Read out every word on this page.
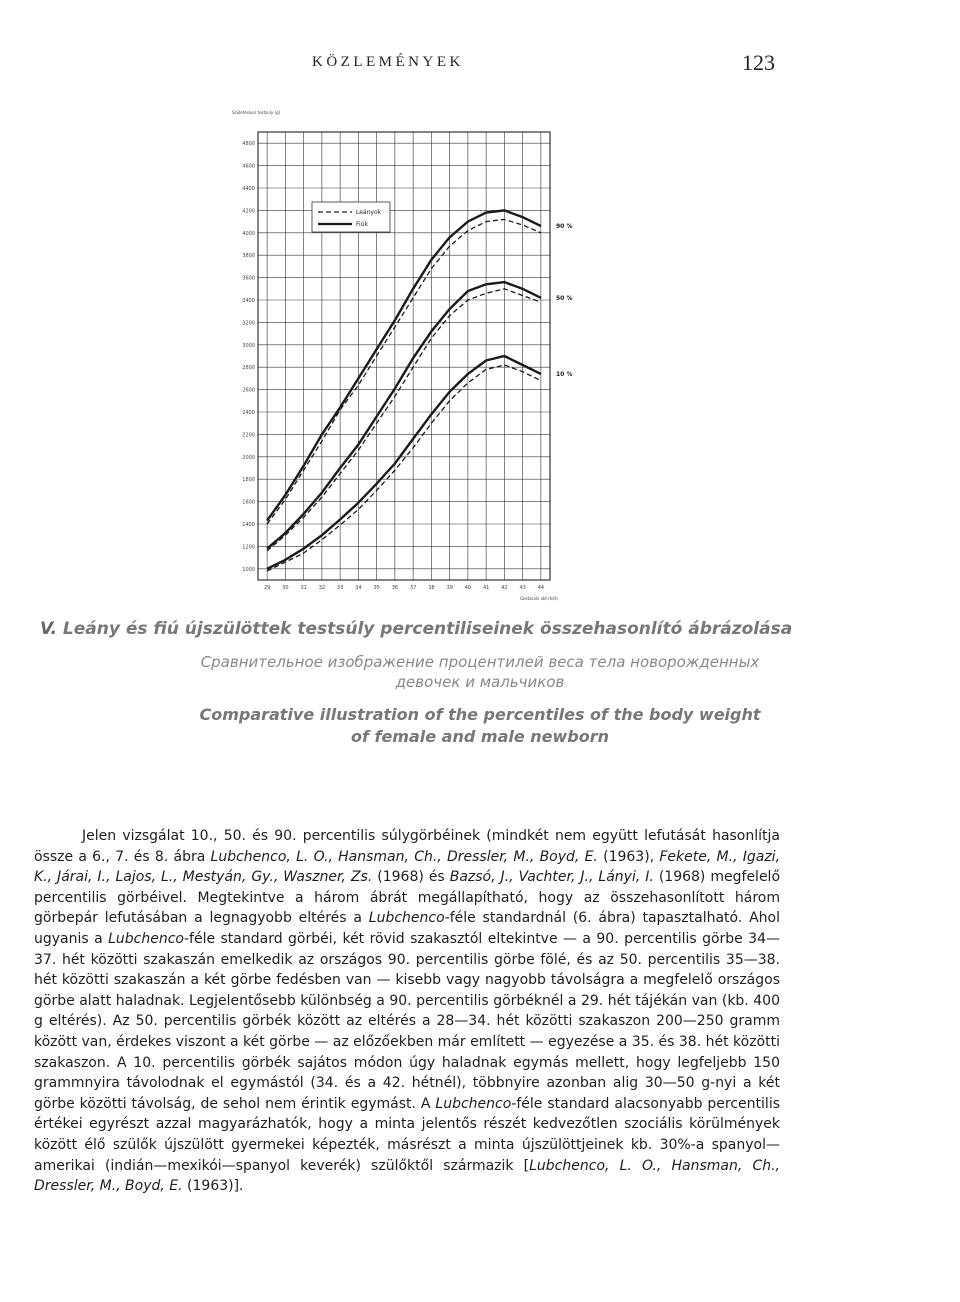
KÖZLEMÉNYEK	123
Születéskori testsúly (g)
Gestációs idő (hét)
1000
1200
1400
1600
1800
2000
2200
2400
2600
2800
3000
3200
3400
3600
3800
4000
4200
4400
4600
4800
29 30 31 32 33 34 35 36 37 38 39 40 41 42 43 44
90 %
50 %
10 %
Leányok
Fiúk

V. Leány és fiú újszülöttek testsúly percentiliseinek összehasonlító ábrázolása

Сравнительное изображение процентилей веса тела новорожденных
девочек и мальчиков

Comparative illustration of the percentiles of the body weight
of female and male newborn

Jelen vizsgálat 10., 50. és 90. percentilis súlygörbéinek (mindkét nem együtt lefutását hasonlítja össze a 6., 7. és 8. ábra Lubchenco, L. O., Hansman, Ch., Dressler, M., Boyd, E. (1963), Fekete, M., Igazi, K., Járai, I., Lajos, L., Mestyán, Gy., Waszner, Zs. (1968) és Bazsó, J., Vachter, J., Lányi, I. (1968) megfelelő percentilis görbéivel. Megtekintve a három ábrát megállapítható, hogy az összehasonlított három görbepár lefutásában a legnagyobb eltérés a Lubchenco-féle standardnál (6. ábra) tapasztalható. Ahol ugyanis a Lubchenco-féle standard görbéi, két rövid szakasztól eltekintve — a 90. percentilis görbe 34—37. hét közötti szakaszán emelkedik az országos 90. percentilis görbe fölé, és az 50. percentilis 35—38. hét közötti szakaszán a két görbe fedésben van — kisebb vagy nagyobb távolságra a megfelelő országos görbe alatt haladnak. Legjelentősebb különbség a 90. percentilis görbéknél a 29. hét tájékán van (kb. 400 g eltérés). Az 50. percentilis görbék között az eltérés a 28—34. hét közötti szakaszon 200—250 gramm között van, érdekes viszont a két görbe — az előzőekben már említett — egyezése a 35. és 38. hét közötti szakaszon. A 10. percentilis görbék sajátos módon úgy haladnak egymás mellett, hogy legfeljebb 150 grammnyira távolodnak el egymástól (34. és a 42. hétnél), többnyire azonban alig 30—50 g-nyi a két görbe közötti távolság, de sehol nem érintik egymást. A Lubchenco-féle standard alacsonyabb percentilis értékei egyrészt azzal magyarázhatók, hogy a minta jelentős részét kedvezőtlen szociális körülmények között élő szülők újszülött gyermekei képezték, másrészt a minta újszülöttjeinek kb. 30%-a spanyol—amerikai (indián—mexikói—spanyol keverék) szülőktől származik [Lubchenco, L. O., Hansman, Ch., Dressler, M., Boyd, E. (1963)].
